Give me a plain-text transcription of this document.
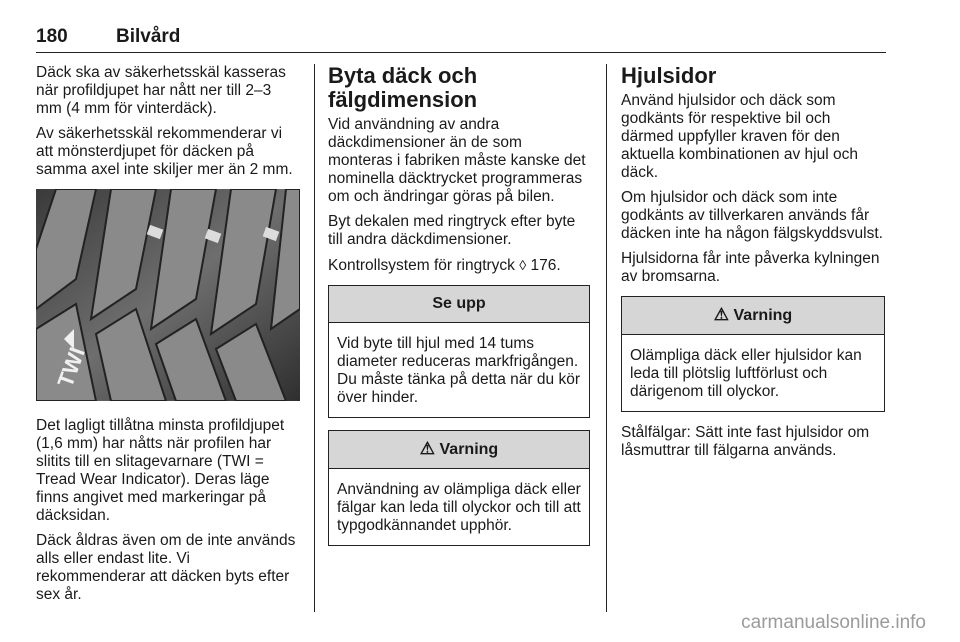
180	Bilvård

Däck ska av säkerhetsskäl kasseras när profildjupet har nått ner till 2–3 mm (4 mm för vinterdäck).

Av säkerhetsskäl rekommenderar vi att mönsterdjupet för däcken på samma axel inte skiljer mer än 2 mm.

TWI

Det lagligt tillåtna minsta profildjupet (1,6 mm) har nåtts när profilen har slitits till en slitagevarnare (TWI = Tread Wear Indicator). Deras läge finns angivet med markeringar på däcksidan.

Däck åldras även om de inte används alls eller endast lite. Vi rekommenderar att däcken byts efter sex år.

Byta däck och fälgdimension

Vid användning av andra däckdimensioner än de som monteras i fabriken måste kanske det nominella däcktrycket programmeras om och ändringar göras på bilen.

Byt dekalen med ringtryck efter byte till andra däckdimensioner.

Kontrollsystem för ringtryck ◊ 176.

Se upp
Vid byte till hjul med 14 tums diameter reduceras markfrigången. Du måste tänka på detta när du kör över hinder.
⚠ Varning
Användning av olämpliga däck eller fälgar kan leda till olyckor och till att typgodkännandet upphör.
Hjulsidor

Använd hjulsidor och däck som godkänts för respektive bil och därmed uppfyller kraven för den aktuella kombinationen av hjul och däck.

Om hjulsidor och däck som inte godkänts av tillverkaren används får däcken inte ha någon fälgskyddsvulst.

Hjulsidorna får inte påverka kylningen av bromsarna.

⚠ Varning
Olämpliga däck eller hjulsidor kan leda till plötslig luftförlust och därigenom till olyckor.

Stålfälgar: Sätt inte fast hjulsidor om låsmuttrar till fälgarna används.

carmanualsonline.info
